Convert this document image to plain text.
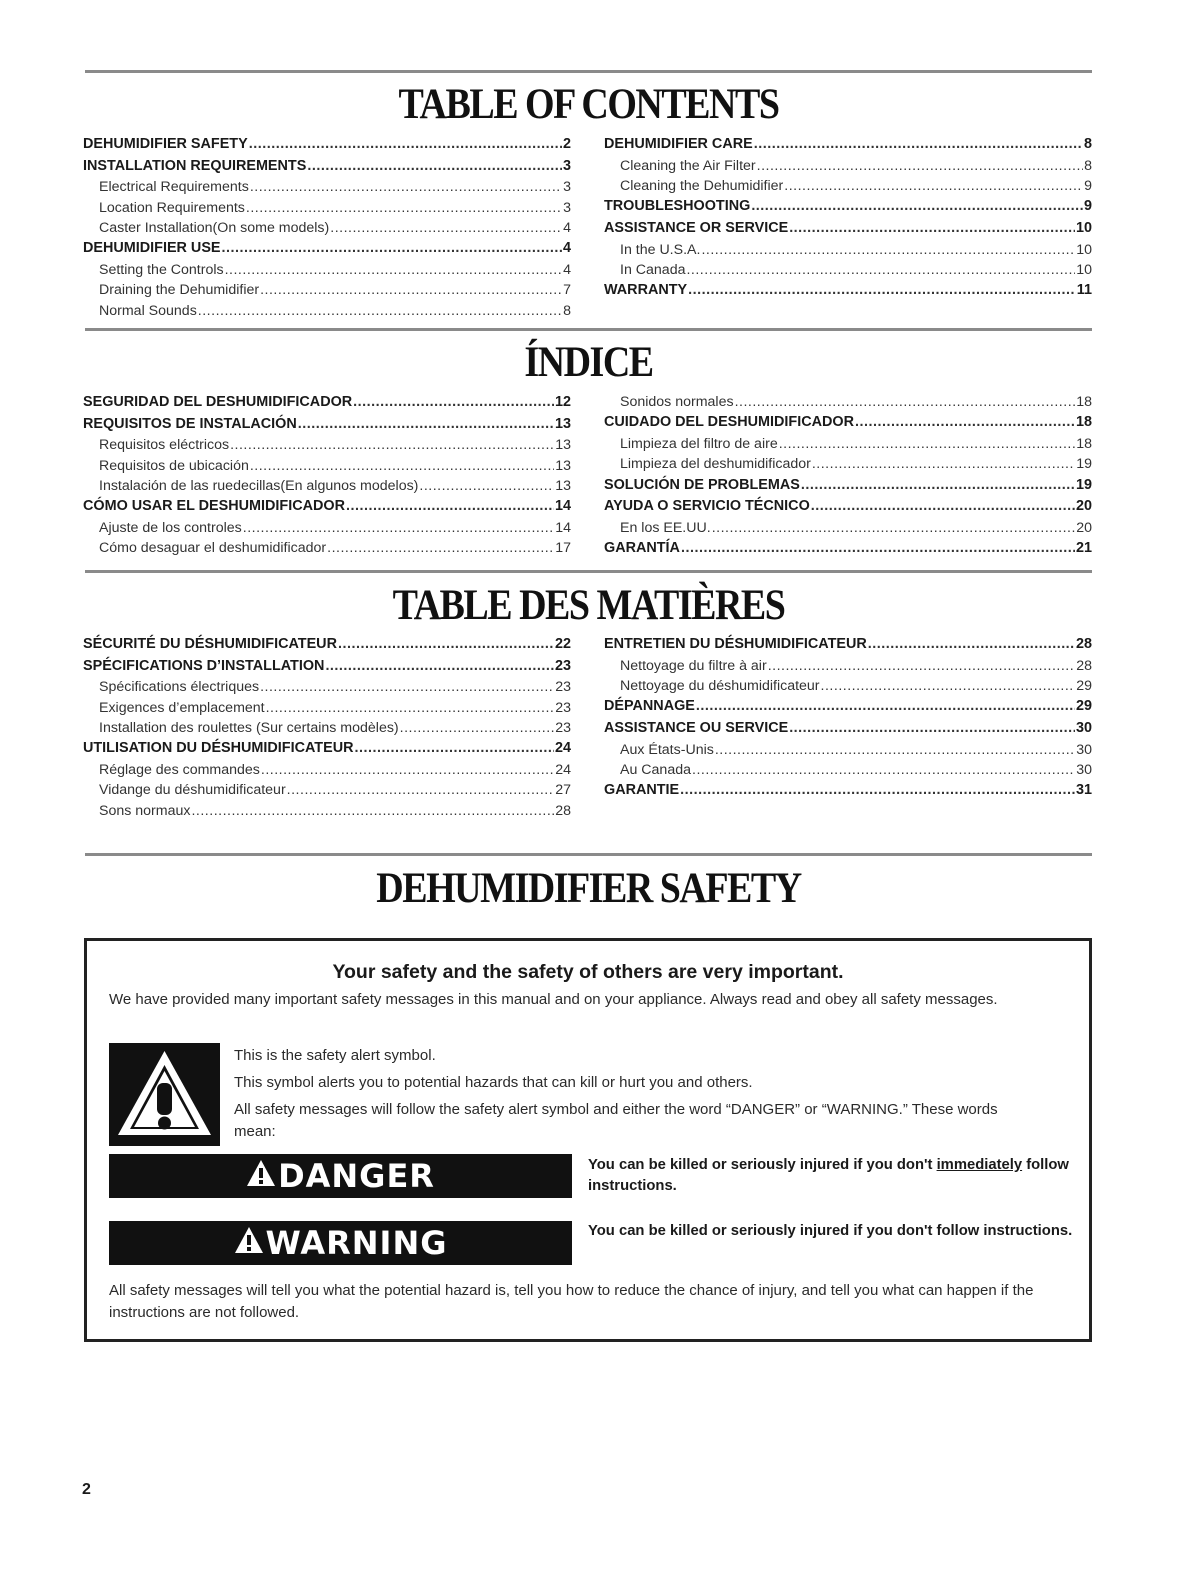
TABLE OF CONTENTS
DEHUMIDIFIER SAFETY .....	2
INSTALLATION REQUIREMENTS .....	3
Electrical Requirements .....	3
Location Requirements .....	3
Caster Installation(On some models) .....	4
DEHUMIDIFIER USE .....	4
Setting the Controls .....	4
Draining the Dehumidifier .....	7
Normal Sounds .....	8
DEHUMIDIFIER CARE .....	8
Cleaning the Air Filter .....	8
Cleaning the Dehumidifier .....	9
TROUBLESHOOTING .....	9
ASSISTANCE OR SERVICE .....	10
In the U.S.A. .....	10
In Canada .....	10
WARRANTY .....	11
ÍNDICE
SEGURIDAD DEL DESHUMIDIFICADOR .....	12
REQUISITOS DE INSTALACIÓN .....	13
Requisitos eléctricos .....	13
Requisitos de ubicación .....	13
Instalación de las ruedecillas(En algunos modelos) .....	13
CÓMO USAR EL DESHUMIDIFICADOR .....	14
Ajuste de los controles .....	14
Cómo desaguar el deshumidificador .....	17
Sonidos normales .....	18
CUIDADO DEL DESHUMIDIFICADOR .....	18
Limpieza del filtro de aire .....	18
Limpieza del deshumidificador .....	19
SOLUCIÓN DE PROBLEMAS .....	19
AYUDA O SERVICIO TÉCNICO .....	20
En los EE.UU. .....	20
GARANTÍA .....	21
TABLE DES MATIÈRES
SÉCURITÉ DU DÉSHUMIDIFICATEUR .....	22
SPÉCIFICATIONS D’INSTALLATION .....	23
Spécifications électriques .....	23
Exigences d’emplacement .....	23
Installation des roulettes (Sur certains modèles) .....	23
UTILISATION DU DÉSHUMIDIFICATEUR .....	24
Réglage des commandes .....	24
Vidange du déshumidificateur .....	27
Sons normaux .....	28
ENTRETIEN DU DÉSHUMIDIFICATEUR .....	28
Nettoyage du filtre à air .....	28
Nettoyage du déshumidificateur .....	29
DÉPANNAGE .....	29
ASSISTANCE OU SERVICE .....	30
Aux États-Unis .....	30
Au Canada .....	30
GARANTIE .....	31
DEHUMIDIFIER SAFETY
Your safety and the safety of others are very important.
We have provided many important safety messages in this manual and on your appliance. Always read and obey all safety messages.
This is the safety alert symbol.
This symbol alerts you to potential hazards that can kill or hurt you and others.
All safety messages will follow the safety alert symbol and either the word “DANGER” or “WARNING.” These words mean:
DANGER	You can be killed or seriously injured if you don't immediately follow instructions.
WARNING	You can be killed or seriously injured if you don't follow instructions.
All safety messages will tell you what the potential hazard is, tell you how to reduce the chance of injury, and tell you what can happen if the instructions are not followed.
2
